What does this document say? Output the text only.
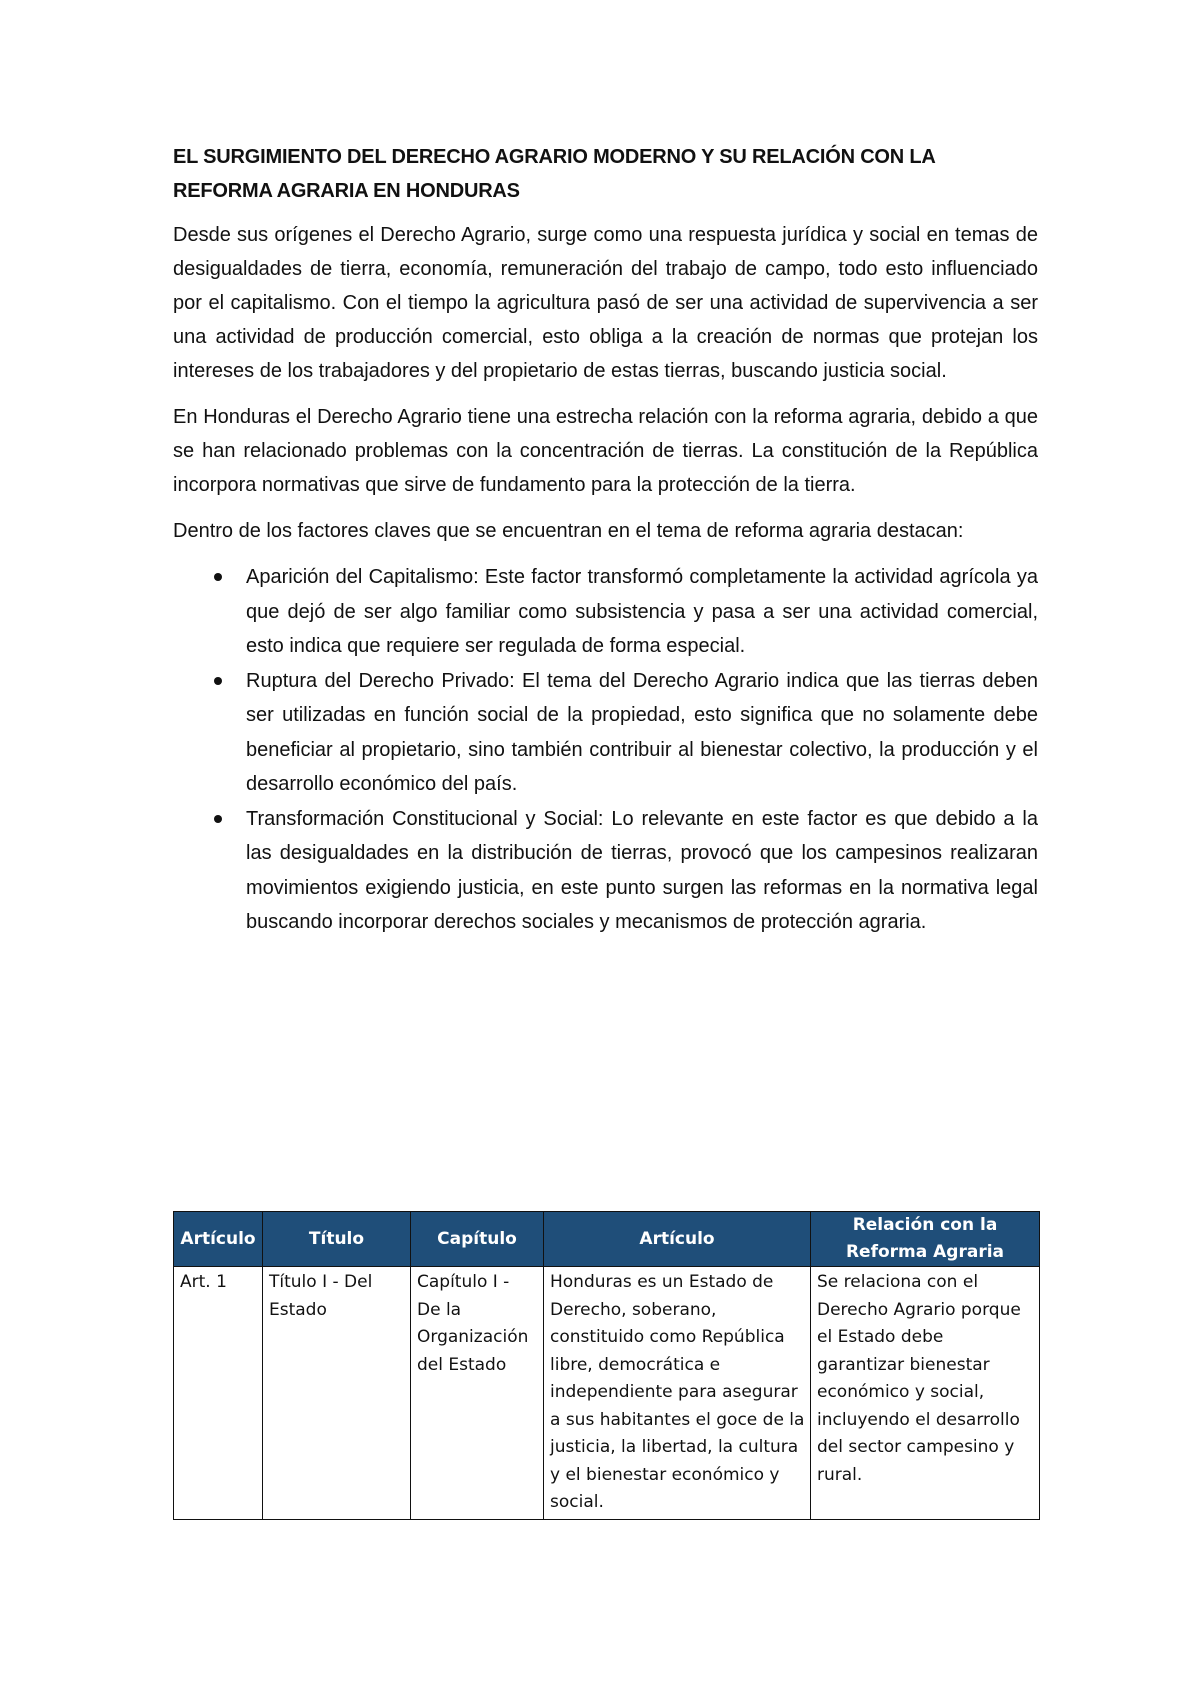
EL SURGIMIENTO DEL DERECHO AGRARIO MODERNO Y SU RELACIÓN CON LA REFORMA AGRARIA EN HONDURAS

Desde sus orígenes el Derecho Agrario, surge como una respuesta jurídica y social en temas de desigualdades de tierra, economía, remuneración del trabajo de campo, todo esto influenciado por el capitalismo. Con el tiempo la agricultura pasó de ser una actividad de supervivencia a ser una actividad de producción comercial, esto obliga a la creación de normas que protejan los intereses de los trabajadores y del propietario de estas tierras, buscando justicia social.

En Honduras el Derecho Agrario tiene una estrecha relación con la reforma agraria, debido a que se han relacionado problemas con la concentración de tierras. La constitución de la República incorpora normativas que sirve de fundamento para la protección de la tierra.

Dentro de los factores claves que se encuentran en el tema de reforma agraria destacan:

Aparición del Capitalismo: Este factor transformó completamente la actividad agrícola ya que dejó de ser algo familiar como subsistencia y pasa a ser una actividad comercial, esto indica que requiere ser regulada de forma especial.
Ruptura del Derecho Privado: El tema del Derecho Agrario indica que las tierras deben ser utilizadas en función social de la propiedad, esto significa que no solamente debe beneficiar al propietario, sino también contribuir al bienestar colectivo, la producción y el desarrollo económico del país.
Transformación Constitucional y Social: Lo relevante en este factor es que debido a la las desigualdades en la distribución de tierras, provocó que los campesinos realizaran movimientos exigiendo justicia, en este punto surgen las reformas en la normativa legal buscando incorporar derechos sociales y mecanismos de protección agraria.
Artículo	Título	Capítulo	Artículo	Relación con la Reforma Agraria
Art. 1	Título I - Del Estado	Capítulo I - De la Organización del Estado	Honduras es un Estado de Derecho, soberano, constituido como República libre, democrática e independiente para asegurar a sus habitantes el goce de la justicia, la libertad, la cultura y el bienestar económico y social.	Se relaciona con el Derecho Agrario porque el Estado debe garantizar bienestar económico y social, incluyendo el desarrollo del sector campesino y rural.
